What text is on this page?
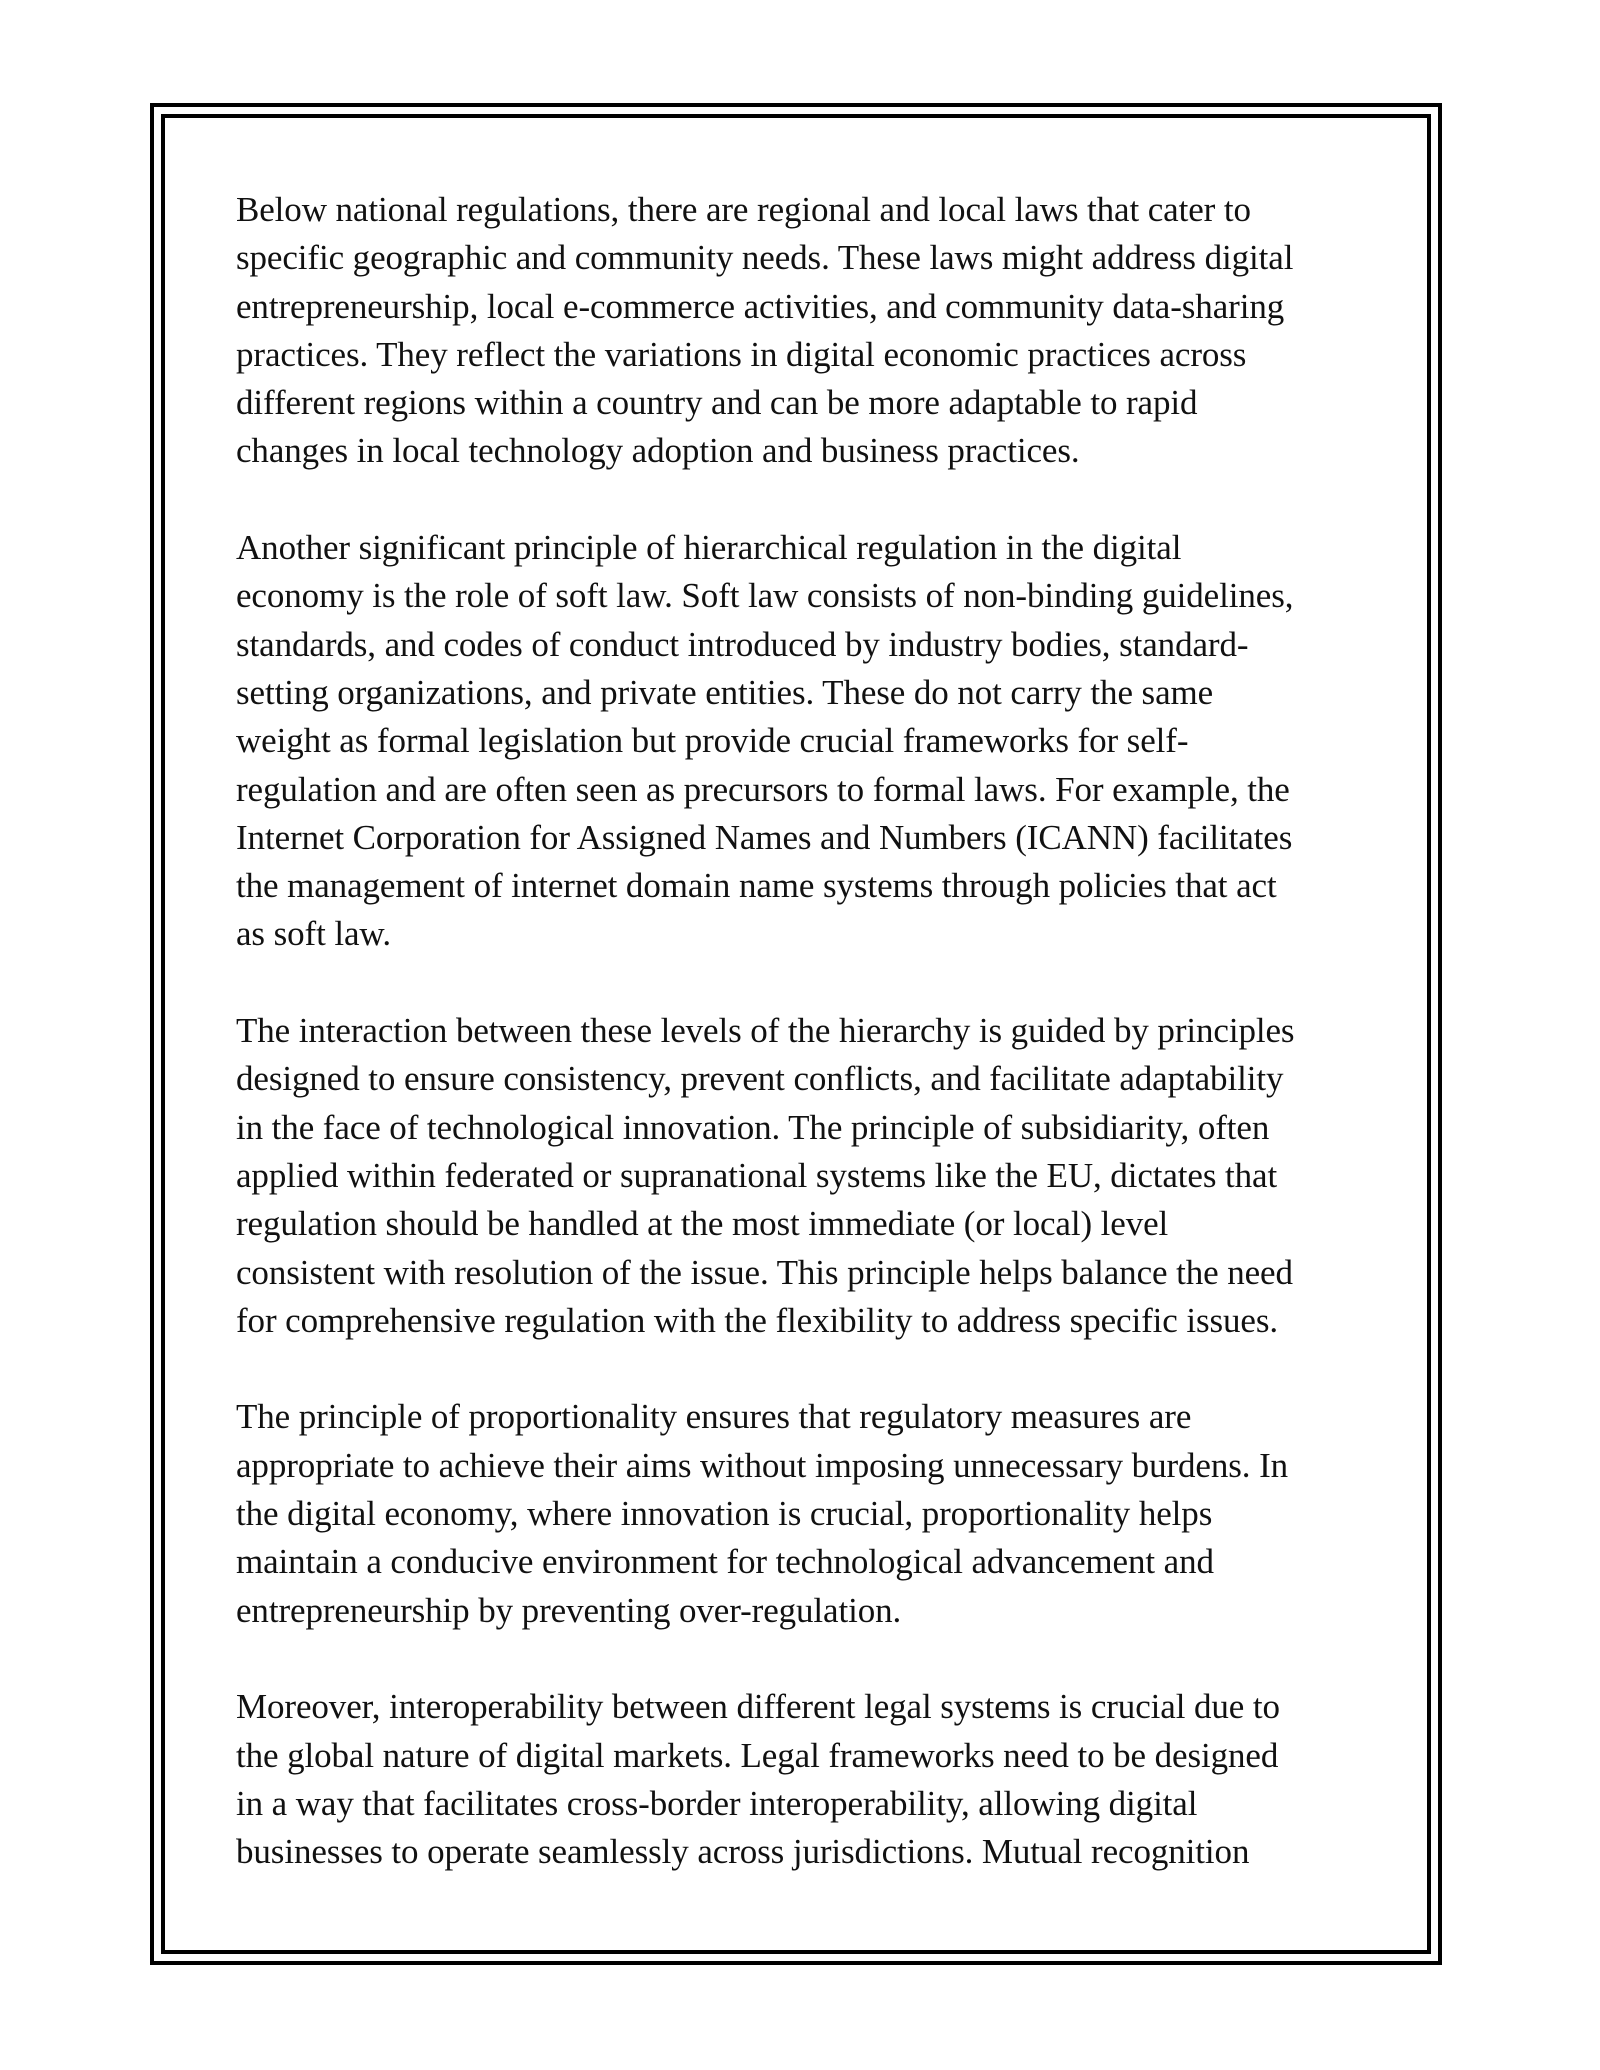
Below national regulations, there are regional and local laws that cater to
specific geographic and community needs. These laws might address digital
entrepreneurship, local e-commerce activities, and community data-sharing
practices. They reflect the variations in digital economic practices across
different regions within a country and can be more adaptable to rapid
changes in local technology adoption and business practices.

Another significant principle of hierarchical regulation in the digital
economy is the role of soft law. Soft law consists of non-binding guidelines,
standards, and codes of conduct introduced by industry bodies, standard-
setting organizations, and private entities. These do not carry the same
weight as formal legislation but provide crucial frameworks for self-
regulation and are often seen as precursors to formal laws. For example, the
Internet Corporation for Assigned Names and Numbers (ICANN) facilitates
the management of internet domain name systems through policies that act
as soft law.

The interaction between these levels of the hierarchy is guided by principles
designed to ensure consistency, prevent conflicts, and facilitate adaptability
in the face of technological innovation. The principle of subsidiarity, often
applied within federated or supranational systems like the EU, dictates that
regulation should be handled at the most immediate (or local) level
consistent with resolution of the issue. This principle helps balance the need
for comprehensive regulation with the flexibility to address specific issues.

The principle of proportionality ensures that regulatory measures are
appropriate to achieve their aims without imposing unnecessary burdens. In
the digital economy, where innovation is crucial, proportionality helps
maintain a conducive environment for technological advancement and
entrepreneurship by preventing over-regulation.

Moreover, interoperability between different legal systems is crucial due to
the global nature of digital markets. Legal frameworks need to be designed
in a way that facilitates cross-border interoperability, allowing digital
businesses to operate seamlessly across jurisdictions. Mutual recognition
